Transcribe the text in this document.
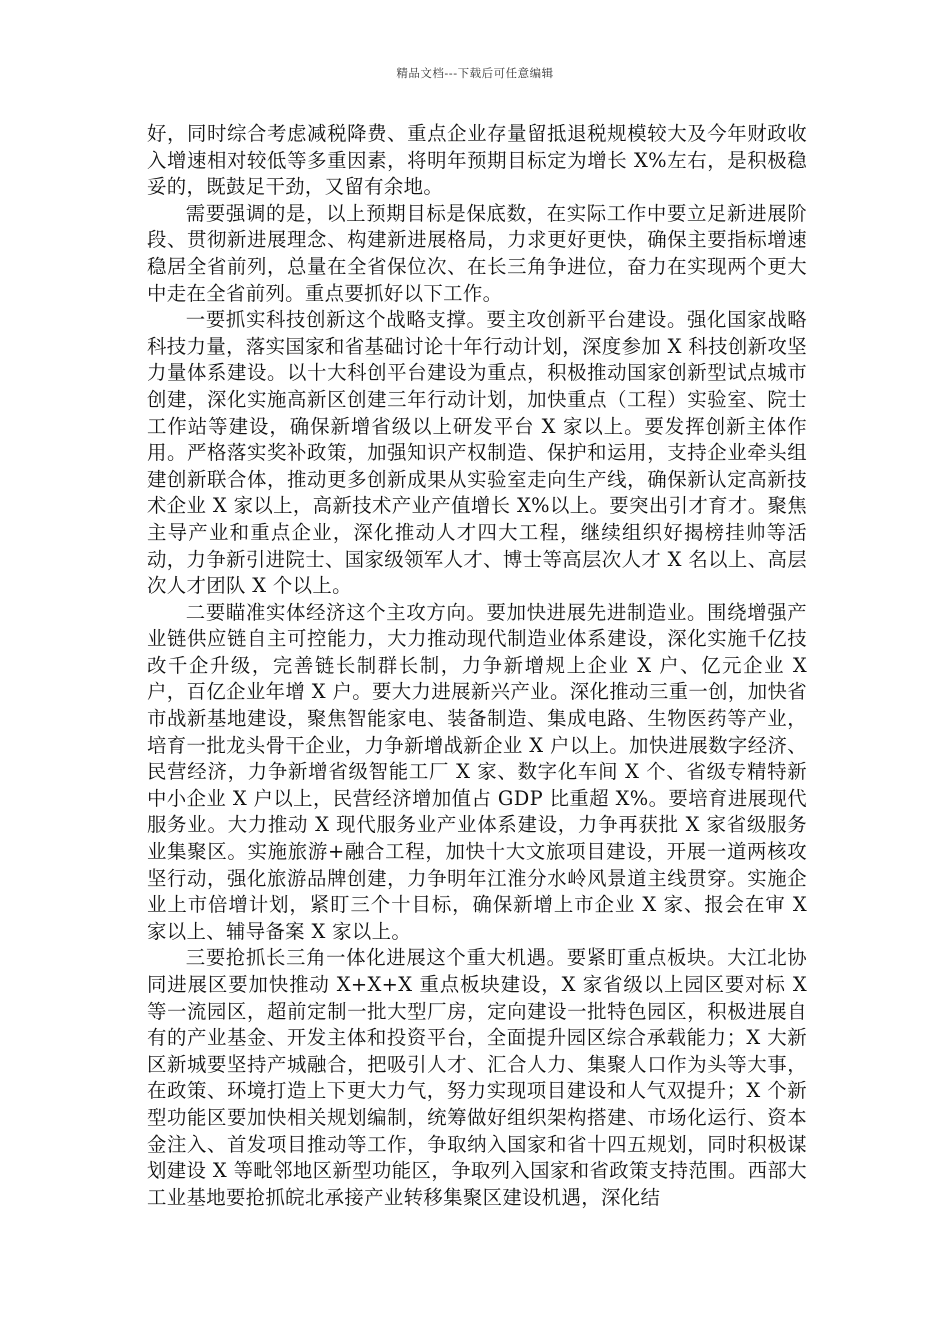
精品文档---下载后可任意编辑

好，同时综合考虑减税降费、重点企业存量留抵退税规模较大及今年财政收入增速相对较低等多重因素，将明年预期目标定为增长 X%左右，是积极稳妥的，既鼓足干劲，又留有余地。

需要强调的是，以上预期目标是保底数，在实际工作中要立足新进展阶段、贯彻新进展理念、构建新进展格局，力求更好更快，确保主要指标增速稳居全省前列，总量在全省保位次、在长三角争进位，奋力在实现两个更大中走在全省前列。重点要抓好以下工作。

一要抓实科技创新这个战略支撑。要主攻创新平台建设。强化国家战略科技力量，落实国家和省基础讨论十年行动计划，深度参加 X 科技创新攻坚力量体系建设。以十大科创平台建设为重点，积极推动国家创新型试点城市创建，深化实施高新区创建三年行动计划，加快重点（工程）实验室、院士工作站等建设，确保新增省级以上研发平台 X 家以上。要发挥创新主体作用。严格落实奖补政策，加强知识产权制造、保护和运用，支持企业牵头组建创新联合体，推动更多创新成果从实验室走向生产线，确保新认定高新技术企业 X 家以上，高新技术产业产值增长 X%以上。要突出引才育才。聚焦主导产业和重点企业，深化推动人才四大工程，继续组织好揭榜挂帅等活动，力争新引进院士、国家级领军人才、博士等高层次人才 X 名以上、高层次人才团队 X 个以上。

二要瞄准实体经济这个主攻方向。要加快进展先进制造业。围绕增强产业链供应链自主可控能力，大力推动现代制造业体系建设，深化实施千亿技改千企升级，完善链长制群长制，力争新增规上企业 X 户、亿元企业 X 户，百亿企业年增 X 户。要大力进展新兴产业。深化推动三重一创，加快省市战新基地建设，聚焦智能家电、装备制造、集成电路、生物医药等产业，培育一批龙头骨干企业，力争新增战新企业 X 户以上。加快进展数字经济、民营经济，力争新增省级智能工厂 X 家、数字化车间 X 个、省级专精特新中小企业 X 户以上，民营经济增加值占 GDP 比重超 X%。要培育进展现代服务业。大力推动 X 现代服务业产业体系建设，力争再获批 X 家省级服务业集聚区。实施旅游+融合工程，加快十大文旅项目建设，开展一道两核攻坚行动，强化旅游品牌创建，力争明年江淮分水岭风景道主线贯穿。实施企业上市倍增计划，紧盯三个十目标，确保新增上市企业 X 家、报会在审 X 家以上、辅导备案 X 家以上。

三要抢抓长三角一体化进展这个重大机遇。要紧盯重点板块。大江北协同进展区要加快推动 X+X+X 重点板块建设，X 家省级以上园区要对标 X 等一流园区，超前定制一批大型厂房，定向建设一批特色园区，积极进展自有的产业基金、开发主体和投资平台，全面提升园区综合承载能力；X 大新区新城要坚持产城融合，把吸引人才、汇合人力、集聚人口作为头等大事，在政策、环境打造上下更大力气，努力实现项目建设和人气双提升；X 个新型功能区要加快相关规划编制，统筹做好组织架构搭建、市场化运行、资本金注入、首发项目推动等工作，争取纳入国家和省十四五规划，同时积极谋划建设 X 等毗邻地区新型功能区，争取列入国家和省政策支持范围。西部大工业基地要抢抓皖北承接产业转移集聚区建设机遇，深化结
